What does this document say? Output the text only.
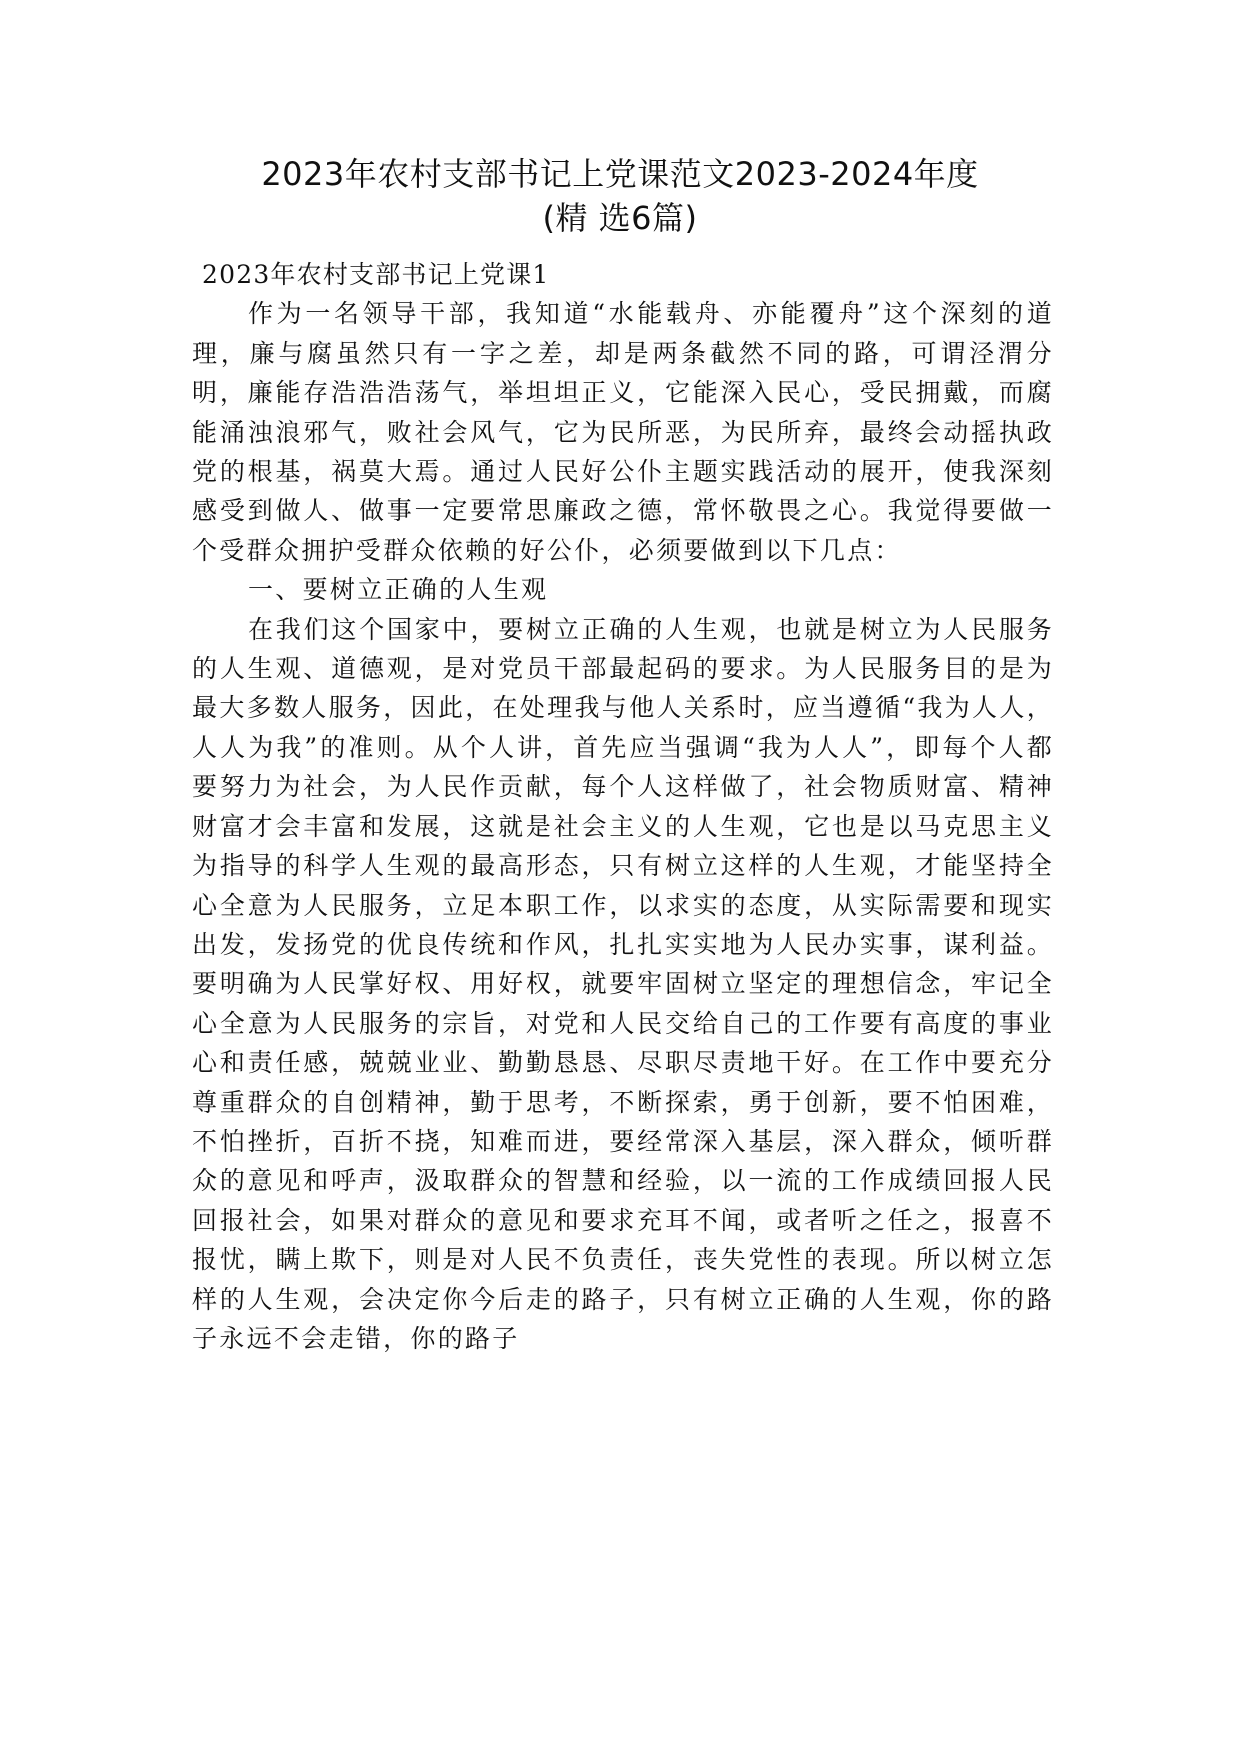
2023年农村支部书记上党课范文2023-2024年度
(精 选6篇)

2023年农村支部书记上党课1

作为一名领导干部，我知道“水能载舟、亦能覆舟”这个深刻的道理，廉与腐虽然只有一字之差，却是两条截然不同的路，可谓泾渭分明，廉能存浩浩浩荡气，举坦坦正义，它能深入民心，受民拥戴，而腐能涌浊浪邪气，败社会风气，它为民所恶，为民所弃，最终会动摇执政党的根基，祸莫大焉。通过人民好公仆主题实践活动的展开，使我深刻感受到做人、做事一定要常思廉政之德，常怀敬畏之心。我觉得要做一个受群众拥护受群众依赖的好公仆，必须要做到以下几点：

一、要树立正确的人生观

在我们这个国家中，要树立正确的人生观，也就是树立为人民服务的人生观、道德观，是对党员干部最起码的要求。为人民服务目的是为最大多数人服务，因此，在处理我与他人关系时，应当遵循“我为人人，人人为我”的准则。从个人讲，首先应当强调“我为人人”，即每个人都要努力为社会，为人民作贡献，每个人这样做了，社会物质财富、精神财富才会丰富和发展，这就是社会主义的人生观，它也是以马克思主义为指导的科学人生观的最高形态，只有树立这样的人生观，才能坚持全心全意为人民服务，立足本职工作，以求实的态度，从实际需要和现实出发，发扬党的优良传统和作风，扎扎实实地为人民办实事，谋利益。要明确为人民掌好权、用好权，就要牢固树立坚定的理想信念，牢记全心全意为人民服务的宗旨，对党和人民交给自己的工作要有高度的事业心和责任感，兢兢业业、勤勤恳恳、尽职尽责地干好。在工作中要充分尊重群众的自创精神，勤于思考，不断探索，勇于创新，要不怕困难，不怕挫折，百折不挠，知难而进，要经常深入基层，深入群众，倾听群众的意见和呼声，汲取群众的智慧和经验，以一流的工作成绩回报人民回报社会，如果对群众的意见和要求充耳不闻，或者听之任之，报喜不报忧，瞒上欺下，则是对人民不负责任，丧失党性的表现。所以树立怎样的人生观，会决定你今后走的路子，只有树立正确的人生观，你的路子永远不会走错，你的路子
